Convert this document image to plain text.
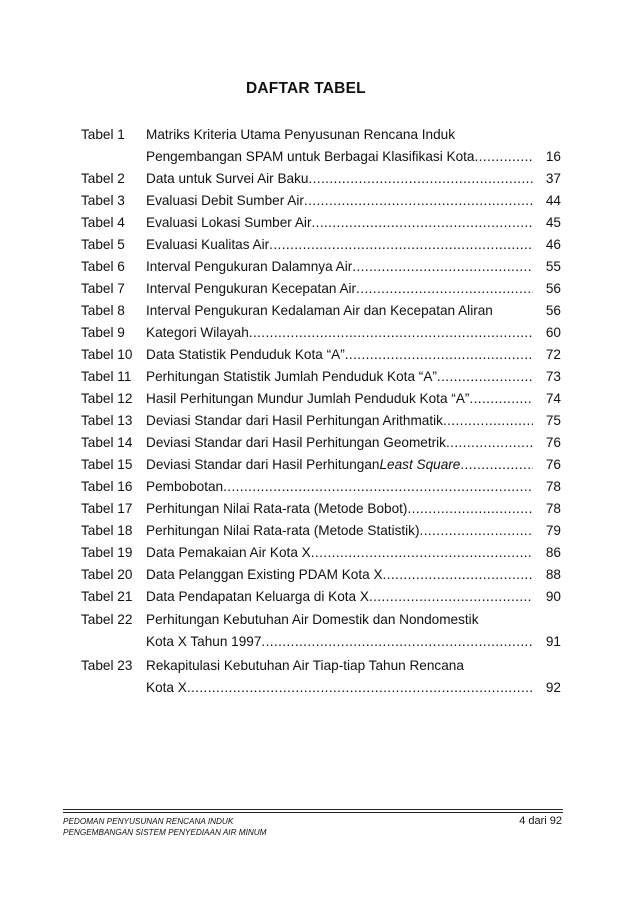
DAFTAR TABEL
Tabel 1	Matriks Kriteria Utama Penyusunan Rencana Induk
Pengembangan SPAM untuk Berbagai Klasifikasi Kota .....	16
Tabel 2	Data untuk Survei Air Baku .....	37
Tabel 3	Evaluasi Debit Sumber Air .....	44
Tabel 4	Evaluasi Lokasi Sumber Air .....	45
Tabel 5	Evaluasi Kualitas Air .....	46
Tabel 6	Interval Pengukuran Dalamnya Air .....	55
Tabel 7	Interval Pengukuran Kecepatan Air .....	56
Tabel 8	Interval Pengukuran Kedalaman Air dan Kecepatan Aliran	56
Tabel 9	Kategori Wilayah .....	60
Tabel 10 Data Statistik Penduduk Kota “A” .....	72
Tabel 11	Perhitungan Statistik Jumlah Penduduk Kota “A” .....	73
Tabel 12 Hasil Perhitungan Mundur Jumlah Penduduk Kota “A” .....	74
Tabel 13 Deviasi Standar dari Hasil Perhitungan Arithmatik .....	75
Tabel 14 Deviasi Standar dari Hasil Perhitungan Geometrik .....	76
Tabel 15 Deviasi Standar dari Hasil Perhitungan Least Square .....	76
Tabel 16 Pembobotan .....	78
Tabel 17 Perhitungan Nilai Rata-rata (Metode Bobot) .....	78
Tabel 18 Perhitungan Nilai Rata-rata (Metode Statistik) .....	79
Tabel 19 Data Pemakaian Air Kota X .....	86
Tabel 20 Data Pelanggan Existing PDAM Kota X .....	88
Tabel 21 Data Pendapatan Keluarga di Kota X .....	90
Tabel 22 Perhitungan Kebutuhan Air Domestik dan Nondomestik
Kota X Tahun 1997 .....	91
Tabel 23 Rekapitulasi Kebutuhan Air Tiap-tiap Tahun Rencana
Kota X .....	92
PEDOMAN PENYUSUNAN RENCANA INDUK
PENGEMBANGAN SISTEM PENYEDIAAN AIR MINUM
4 dari 92
